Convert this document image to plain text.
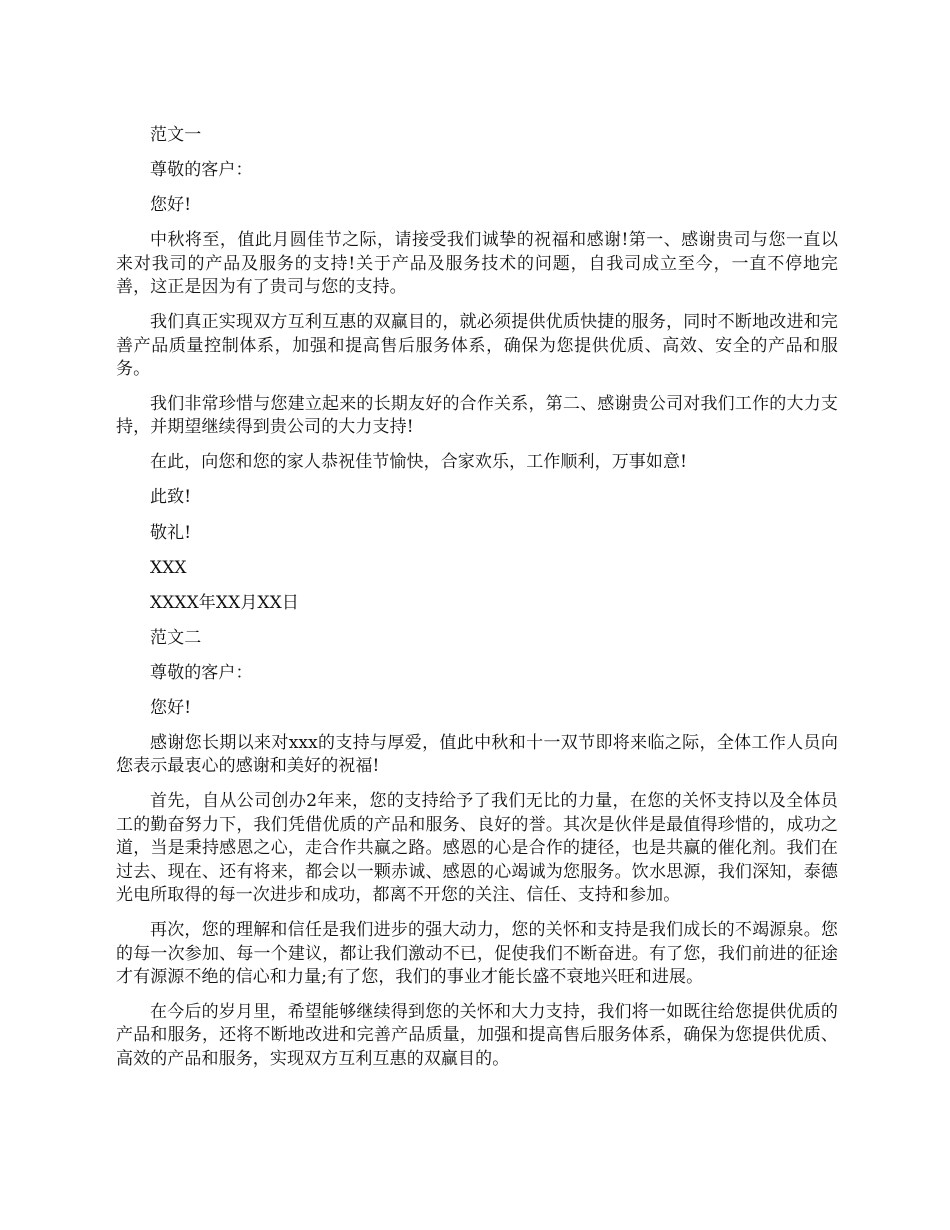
范文一

尊敬的客户：

您好!

中秋将至，值此月圆佳节之际，请接受我们诚挚的祝福和感谢!第一、感谢贵司与您一直以来对我司的产品及服务的支持!关于产品及服务技术的问题，自我司成立至今，一直不停地完善，这正是因为有了贵司与您的支持。

我们真正实现双方互利互惠的双赢目的，就必须提供优质快捷的服务，同时不断地改进和完善产品质量控制体系，加强和提高售后服务体系，确保为您提供优质、高效、安全的产品和服务。

我们非常珍惜与您建立起来的长期友好的合作关系，第二、感谢贵公司对我们工作的大力支持，并期望继续得到贵公司的大力支持!

在此，向您和您的家人恭祝佳节愉快，合家欢乐，工作顺利，万事如意!

此致!

敬礼!

XXX

XXXX年XX月XX日

范文二

尊敬的客户：

您好!

感谢您长期以来对xxx的支持与厚爱，值此中秋和十一双节即将来临之际，全体工作人员向您表示最衷心的感谢和美好的祝福!

首先，自从公司创办2年来，您的支持给予了我们无比的力量，在您的关怀支持以及全体员工的勤奋努力下，我们凭借优质的产品和服务、良好的誉。其次是伙伴是最值得珍惜的，成功之道，当是秉持感恩之心，走合作共赢之路。感恩的心是合作的捷径，也是共赢的催化剂。我们在过去、现在、还有将来，都会以一颗赤诚、感恩的心竭诚为您服务。饮水思源，我们深知，泰德光电所取得的每一次进步和成功，都离不开您的关注、信任、支持和参加。

再次，您的理解和信任是我们进步的强大动力，您的关怀和支持是我们成长的不竭源泉。您的每一次参加、每一个建议，都让我们激动不已，促使我们不断奋进。有了您，我们前进的征途才有源源不绝的信心和力量;有了您，我们的事业才能长盛不衰地兴旺和进展。

在今后的岁月里，希望能够继续得到您的关怀和大力支持，我们将一如既往给您提供优质的产品和服务，还将不断地改进和完善产品质量，加强和提高售后服务体系，确保为您提供优质、高效的产品和服务，实现双方互利互惠的双赢目的。
